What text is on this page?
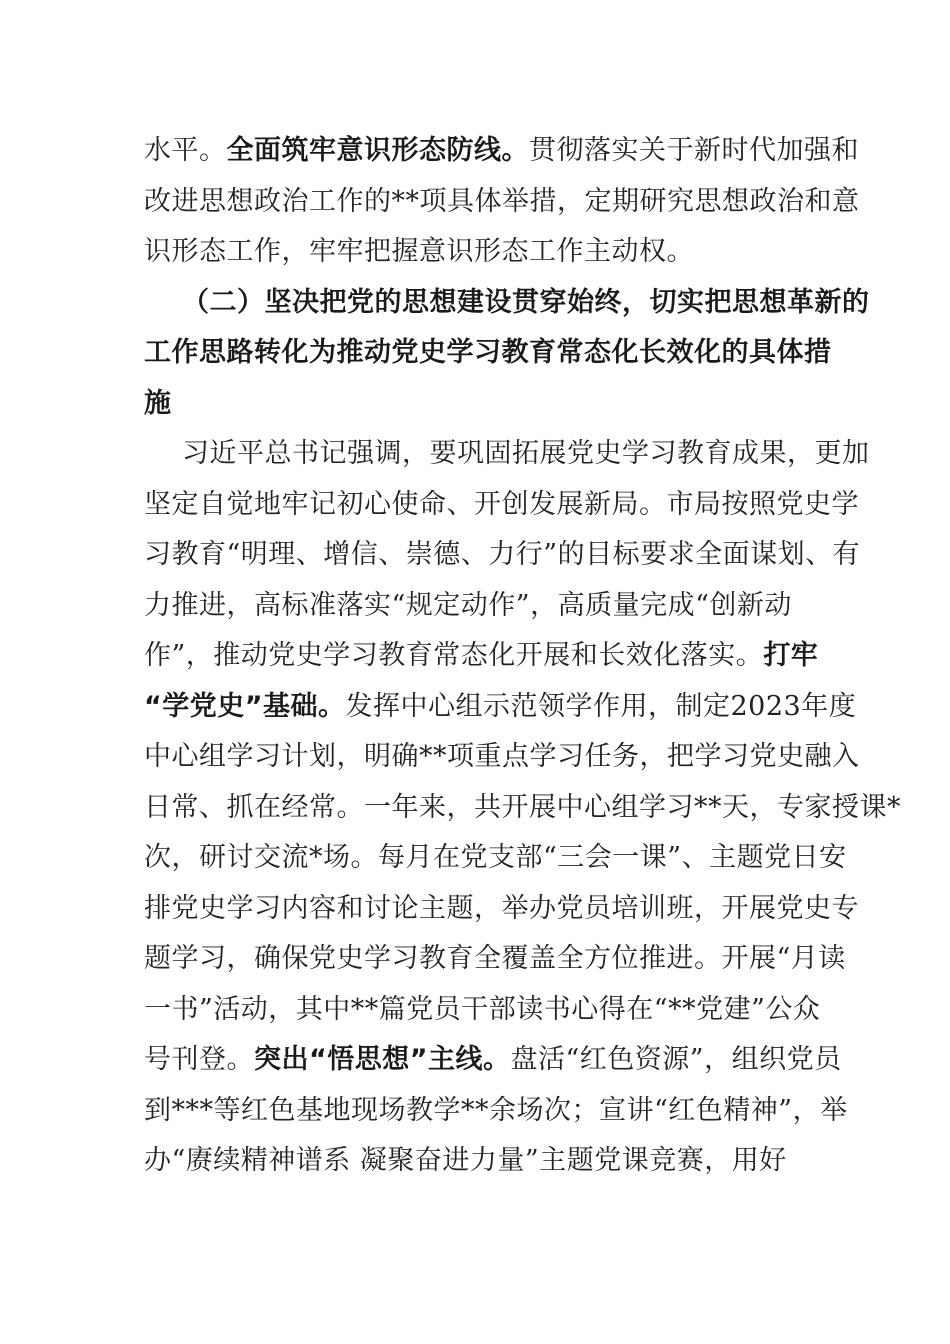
水平。全面筑牢意识形态防线。贯彻落实关于新时代加强和
改进思想政治工作的**项具体举措，定期研究思想政治和意
识形态工作，牢牢把握意识形态工作主动权。
（二）坚决把党的思想建设贯穿始终，切实把思想革新的
工作思路转化为推动党史学习教育常态化长效化的具体措
施
习近平总书记强调，要巩固拓展党史学习教育成果，更加
坚定自觉地牢记初心使命、开创发展新局。市局按照党史学
习教育“明理、增信、崇德、力行”的目标要求全面谋划、有
力推进，高标准落实“规定动作”，高质量完成“创新动
作”，推动党史学习教育常态化开展和长效化落实。打牢
“学党史”基础。发挥中心组示范领学作用，制定2023年度
中心组学习计划，明确**项重点学习任务，把学习党史融入
日常、抓在经常。一年来，共开展中心组学习**天，专家授课*
次，研讨交流*场。每月在党支部“三会一课”、主题党日安
排党史学习内容和讨论主题，举办党员培训班，开展党史专
题学习，确保党史学习教育全覆盖全方位推进。开展“月读
一书”活动，其中**篇党员干部读书心得在“**党建”公众
号刊登。突出“悟思想”主线。盘活“红色资源”，组织党员
到***等红色基地现场教学**余场次；宣讲“红色精神”，举
办“赓续精神谱系 凝聚奋进力量”主题党课竞赛，用好
